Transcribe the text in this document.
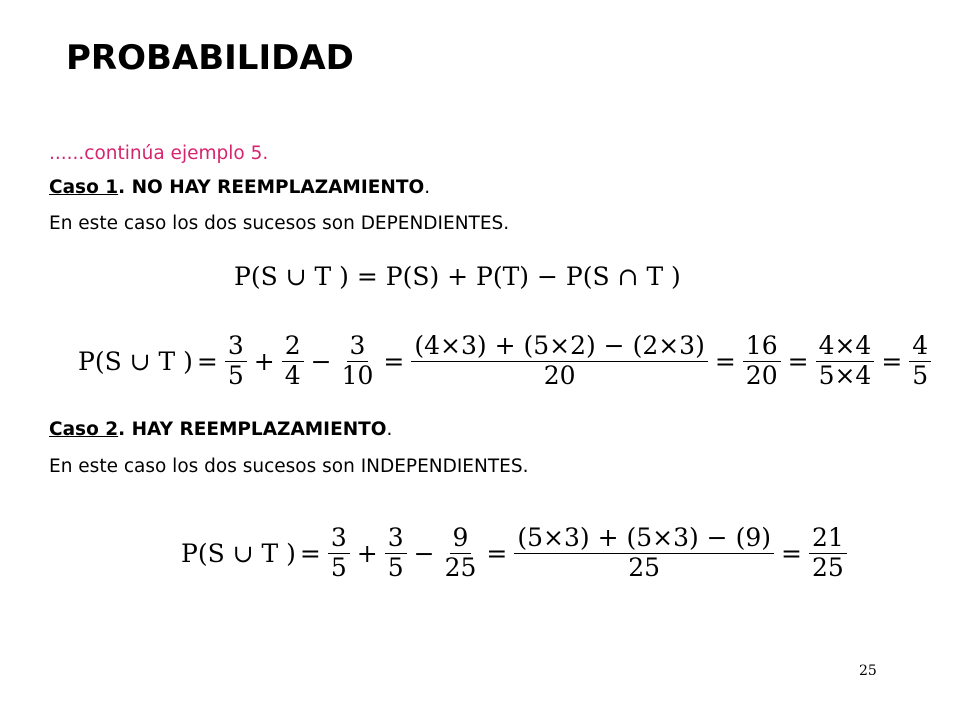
PROBABILIDAD
......continúa ejemplo 5.
Caso 1. NO HAY REEMPLAZAMIENTO.
En este caso los dos sucesos son DEPENDIENTES.
P(S ∪ T ) = P(S) + P(T) − P(S ∩ T )
P(S ∪ T ) = $\frac{3}{5} + \frac{2}{4} - \frac{3}{10} = \frac{(4\times 3) + (5\times 2) - (2\times 3)}{20} = \frac{16}{20} = \frac{4\times 4}{5\times 4} = \frac{4}{5}$
Caso 2. HAY REEMPLAZAMIENTO.
En este caso los dos sucesos son INDEPENDIENTES.
P(S ∪ T ) = $\frac{3}{5} + \frac{3}{5} - \frac{9}{25} = \frac{(5\times 3) + (5\times 3) - (9)}{25} = \frac{21}{25}$
25
